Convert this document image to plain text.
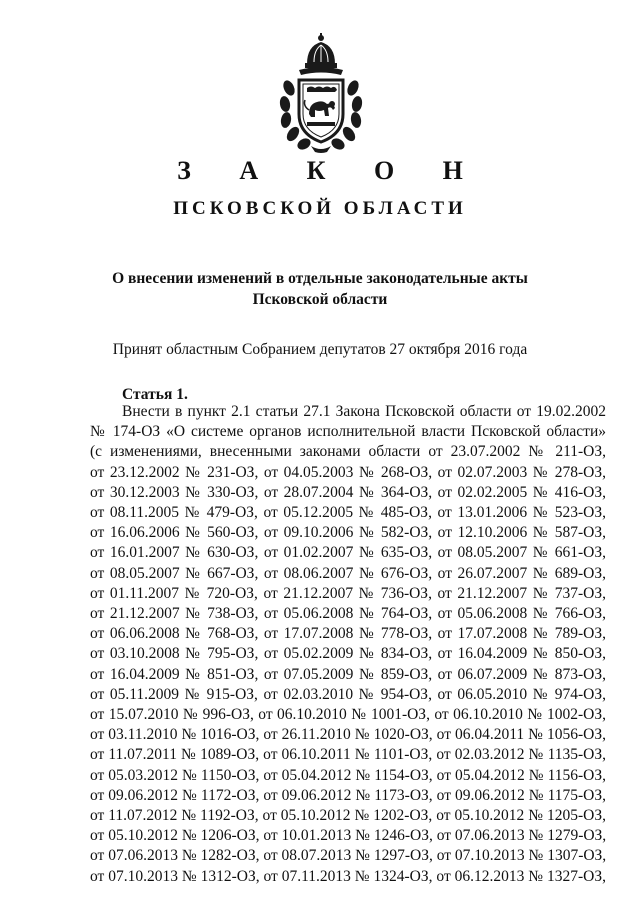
З А К О Н
ПСКОВСКОЙ ОБЛАСТИ
О внесении изменений в отдельные законодательные акты
Псковской области
Принят областным Собранием депутатов 27 октября 2016 года
Статья 1.
Внести в пункт 2.1 статьи 27.1 Закона Псковской области от 19.02.2002
№ 174-ОЗ «О системе органов исполнительной власти Псковской области»
(с изменениями, внесенными законами области от 23.07.2002 № 211-ОЗ,
от 23.12.2002 № 231-ОЗ, от 04.05.2003 № 268-ОЗ, от 02.07.2003 № 278-ОЗ,
от 30.12.2003 № 330-ОЗ, от 28.07.2004 № 364-ОЗ, от 02.02.2005 № 416-ОЗ,
от 08.11.2005 № 479-ОЗ, от 05.12.2005 № 485-ОЗ, от 13.01.2006 № 523-ОЗ,
от 16.06.2006 № 560-ОЗ, от 09.10.2006 № 582-ОЗ, от 12.10.2006 № 587-ОЗ,
от 16.01.2007 № 630-ОЗ, от 01.02.2007 № 635-ОЗ, от 08.05.2007 № 661-ОЗ,
от 08.05.2007 № 667-ОЗ, от 08.06.2007 № 676-ОЗ, от 26.07.2007 № 689-ОЗ,
от 01.11.2007 № 720-ОЗ, от 21.12.2007 № 736-ОЗ, от 21.12.2007 № 737-ОЗ,
от 21.12.2007 № 738-ОЗ, от 05.06.2008 № 764-ОЗ, от 05.06.2008 № 766-ОЗ,
от 06.06.2008 № 768-ОЗ, от 17.07.2008 № 778-ОЗ, от 17.07.2008 № 789-ОЗ,
от 03.10.2008 № 795-ОЗ, от 05.02.2009 № 834-ОЗ, от 16.04.2009 № 850-ОЗ,
от 16.04.2009 № 851-ОЗ, от 07.05.2009 № 859-ОЗ, от 06.07.2009 № 873-ОЗ,
от 05.11.2009 № 915-ОЗ, от 02.03.2010 № 954-ОЗ, от 06.05.2010 № 974-ОЗ,
от 15.07.2010 № 996-ОЗ, от 06.10.2010 № 1001-ОЗ, от 06.10.2010 № 1002-ОЗ,
от 03.11.2010 № 1016-ОЗ, от 26.11.2010 № 1020-ОЗ, от 06.04.2011 № 1056-ОЗ,
от 11.07.2011 № 1089-ОЗ, от 06.10.2011 № 1101-ОЗ, от 02.03.2012 № 1135-ОЗ,
от 05.03.2012 № 1150-ОЗ, от 05.04.2012 № 1154-ОЗ, от 05.04.2012 № 1156-ОЗ,
от 09.06.2012 № 1172-ОЗ, от 09.06.2012 № 1173-ОЗ, от 09.06.2012 № 1175-ОЗ,
от 11.07.2012 № 1192-ОЗ, от 05.10.2012 № 1202-ОЗ, от 05.10.2012 № 1205-ОЗ,
от 05.10.2012 № 1206-ОЗ, от 10.01.2013 № 1246-ОЗ, от 07.06.2013 № 1279-ОЗ,
от 07.06.2013 № 1282-ОЗ, от 08.07.2013 № 1297-ОЗ, от 07.10.2013 № 1307-ОЗ,
от 07.10.2013 № 1312-ОЗ, от 07.11.2013 № 1324-ОЗ, от 06.12.2013 № 1327-ОЗ,
